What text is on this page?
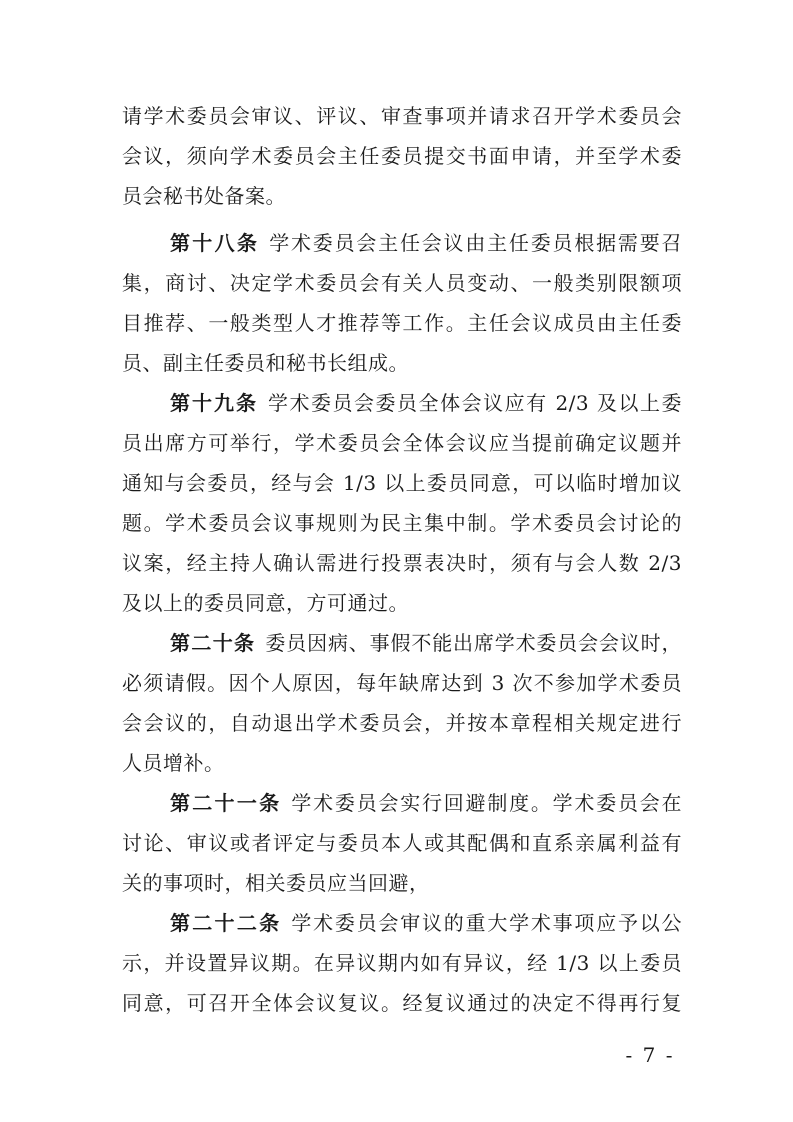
请学术委员会审议、评议、审查事项并请求召开学术委员会
会议，须向学术委员会主任委员提交书面申请，并至学术委
员会秘书处备案。
第十八条 学术委员会主任会议由主任委员根据需要召
集，商讨、决定学术委员会有关人员变动、一般类别限额项
目推荐、一般类型人才推荐等工作。主任会议成员由主任委
员、副主任委员和秘书长组成。
第十九条 学术委员会委员全体会议应有 2/3 及以上委
员出席方可举行，学术委员会全体会议应当提前确定议题并
通知与会委员，经与会 1/3 以上委员同意，可以临时增加议
题。学术委员会议事规则为民主集中制。学术委员会讨论的
议案，经主持人确认需进行投票表决时，须有与会人数 2/3
及以上的委员同意，方可通过。
第二十条 委员因病、事假不能出席学术委员会会议时，
必须请假。因个人原因，每年缺席达到 3 次不参加学术委员
会会议的，自动退出学术委员会，并按本章程相关规定进行
人员增补。
第二十一条 学术委员会实行回避制度。学术委员会在
讨论、审议或者评定与委员本人或其配偶和直系亲属利益有
关的事项时，相关委员应当回避，
第二十二条 学术委员会审议的重大学术事项应予以公
示，并设置异议期。在异议期内如有异议，经 1/3 以上委员
同意，可召开全体会议复议。经复议通过的决定不得再行复
- 7 -
